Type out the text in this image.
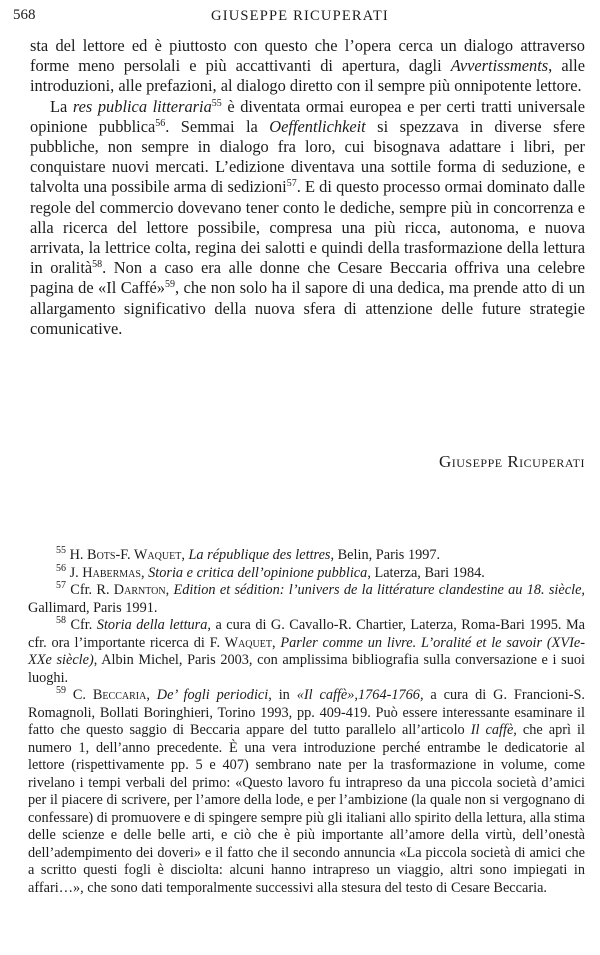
568	GIUSEPPE RICUPERATI

sta del lettore ed è piuttosto con questo che l’opera cerca un dialogo attraverso forme meno persolali e più accattivanti di apertura, dagli Avvertissments, alle introduzioni, alle prefazioni, al dialogo diretto con il sempre più onnipotente lettore.

La res publica litteraria$^{55}$ è diventata ormai europea e per certi tratti universale opinione pubblica$^{56}$. Semmai la Oeffentlichkeit si spezzava in diverse sfere pubbliche, non sempre in dialogo fra loro, cui bisognava adattare i libri, per conquistare nuovi mercati. L’edizione diventava una sottile forma di seduzione, e talvolta una possibile arma di sedizioni$^{57}$. E di questo processo ormai dominato dalle regole del commercio dovevano tener conto le dediche, sempre più in concorrenza e alla ricerca del lettore possibile, compresa una più ricca, autonoma, e nuova arrivata, la lettrice colta, regina dei salotti e quindi della trasformazione della lettura in oralità$^{58}$. Non a caso era alle donne che Cesare Beccaria offriva una celebre pagina de «Il Caffé»$^{59}$, che non solo ha il sapore di una dedica, ma prende atto di un allargamento significativo della nuova sfera di attenzione delle future strategie comunicative.

Giuseppe Ricuperati

$^{55}$ H. Bots-F. Waquet, La république des lettres, Belin, Paris 1997.

$^{56}$ J. Habermas, Storia e critica dell’opinione pubblica, Laterza, Bari 1984.

$^{57}$ Cfr. R. Darnton, Edition et sédition: l’univers de la littérature clandestine au 18. siècle, Gallimard, Paris 1991.

$^{58}$ Cfr. Storia della lettura, a cura di G. Cavallo-R. Chartier, Laterza, Roma-Bari 1995. Ma cfr. ora l’importante ricerca di F. Waquet, Parler comme un livre. L’oralité et le savoir (XVIe- XXe siècle), Albin Michel, Paris 2003, con amplissima bibliografia sulla conversazione e i suoi luoghi.

$^{59}$ C. Beccaria, De’ fogli periodici, in «Il caffè»,1764-1766, a cura di G. Francioni-S. Romagnoli, Bollati Boringhieri, Torino 1993, pp. 409-419. Può essere interessante esaminare il fatto che questo saggio di Beccaria appare del tutto parallelo all’articolo Il caffè, che aprì il numero 1, dell’anno precedente. È una vera introduzione perché entrambe le dedicatorie al lettore (rispettivamente pp. 5 e 407) sembrano nate per la trasformazione in volume, come rivelano i tempi verbali del primo: «Questo lavoro fu intrapreso da una piccola società d’amici per il piacere di scrivere, per l’amore della lode, e per l’ambizione (la quale non si vergognano di confessare) di promuovere e di spingere sempre più gli italiani allo spirito della lettura, alla stima delle scienze e delle belle arti, e ciò che è più importante all’amore della virtù, dell’onestà dell’adempimento dei doveri» e il fatto che il secondo annuncia «La piccola società di amici che a scritto questi fogli è disciolta: alcuni hanno intrapreso un viaggio, altri sono impiegati in affari…», che sono dati temporalmente successivi alla stesura del testo di Cesare Beccaria.
